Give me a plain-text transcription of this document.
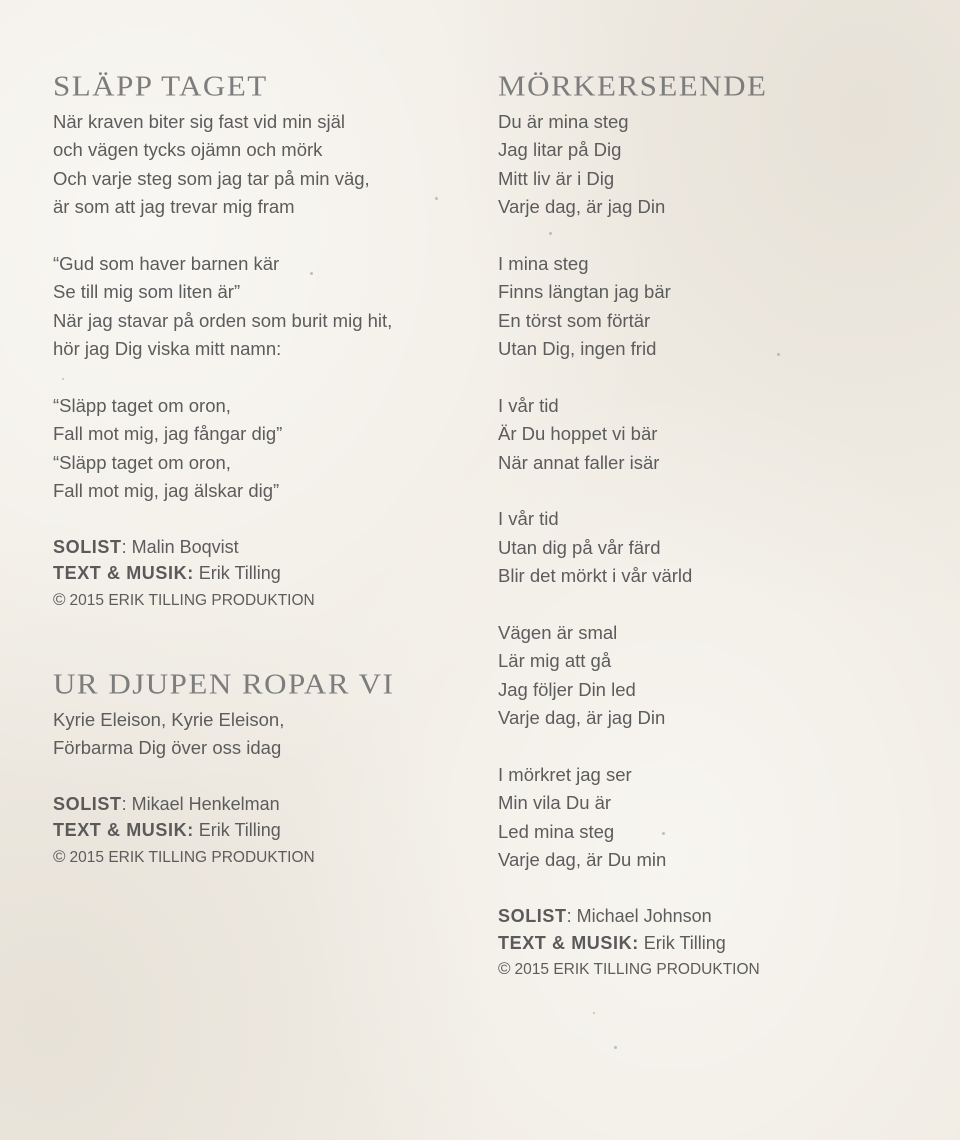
SLÄPP TAGET
När kraven biter sig fast vid min själ
och vägen tycks ojämn och mörk
Och varje steg som jag tar på min väg,
är som att jag trevar mig fram
“Gud som haver barnen kär
Se till mig som liten är”
När jag stavar på orden som burit mig hit,
hör jag Dig viska mitt namn:
“Släpp taget om oron,
Fall mot mig, jag fångar dig”
“Släpp taget om oron,
Fall mot mig, jag älskar dig”
SOLIST: Malin Boqvist
TEXT & MUSIK: Erik Tilling
© 2015 ERIK TILLING PRODUKTION
UR DJUPEN ROPAR VI
Kyrie Eleison, Kyrie Eleison,
Förbarma Dig över oss idag
SOLIST: Mikael Henkelman
TEXT & MUSIK: Erik Tilling
© 2015 ERIK TILLING PRODUKTION
MÖRKERSEENDE
Du är mina steg
Jag litar på Dig
Mitt liv är i Dig
Varje dag, är jag Din
I mina steg
Finns längtan jag bär
En törst som förtär
Utan Dig, ingen frid
I vår tid
Är Du hoppet vi bär
När annat faller isär
I vår tid
Utan dig på vår färd
Blir det mörkt i vår värld
Vägen är smal
Lär mig att gå
Jag följer Din led
Varje dag, är jag Din
I mörkret jag ser
Min vila Du är
Led mina steg
Varje dag, är Du min
SOLIST: Michael Johnson
TEXT & MUSIK: Erik Tilling
© 2015 ERIK TILLING PRODUKTION
